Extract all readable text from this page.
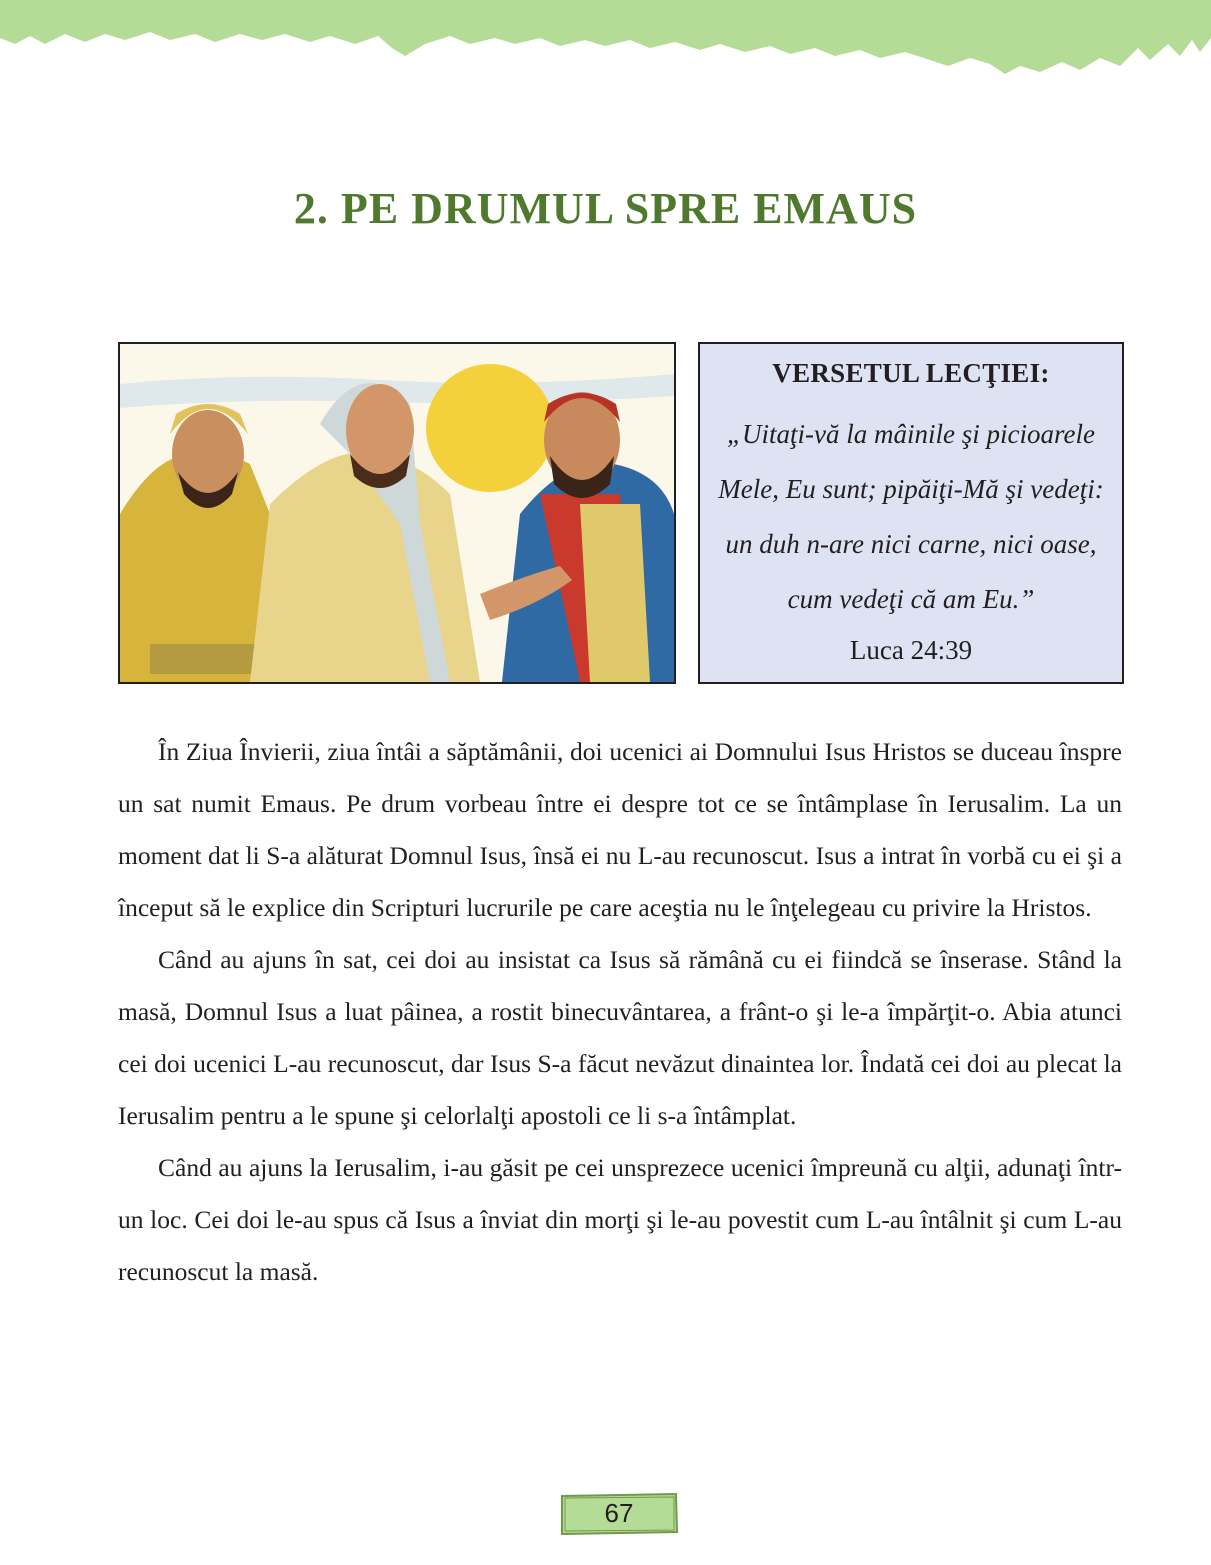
2. PE DRUMUL SPRE EMAUS
VERSETUL LECŢIEI:
„Uitaţi-vă la mâinile şi picioarele Mele, Eu sunt; pipăiţi-Mă şi vedeţi: un duh n-are nici carne, nici oase, cum vedeţi că am Eu.”
Luca 24:39

În Ziua Învierii, ziua întâi a săptămânii, doi ucenici ai Domnului Isus Hristos se duceau înspre un sat numit Emaus. Pe drum vorbeau între ei despre tot ce se întâmplase în Ierusalim. La un moment dat li S-a alăturat Domnul Isus, însă ei nu L-au recunoscut. Isus a intrat în vorbă cu ei şi a început să le explice din Scripturi lucrurile pe care aceştia nu le înţelegeau cu privire la Hristos.

Când au ajuns în sat, cei doi au insistat ca Isus să rămână cu ei fiindcă se înserase. Stând la masă, Domnul Isus a luat pâinea, a rostit binecuvântarea, a frânt-o şi le-a împărţit-o. Abia atunci cei doi ucenici L-au recunoscut, dar Isus S-a făcut nevăzut dinaintea lor. Îndată cei doi au plecat la Ierusalim pentru a le spune şi celorlalţi apostoli ce li s-a întâmplat.

Când au ajuns la Ierusalim, i-au găsit pe cei unsprezece ucenici împreună cu alţii, adunaţi într-un loc. Cei doi le-au spus că Isus a înviat din morţi şi le-au povestit cum L-au întâlnit şi cum L-au recunoscut la masă.

67
